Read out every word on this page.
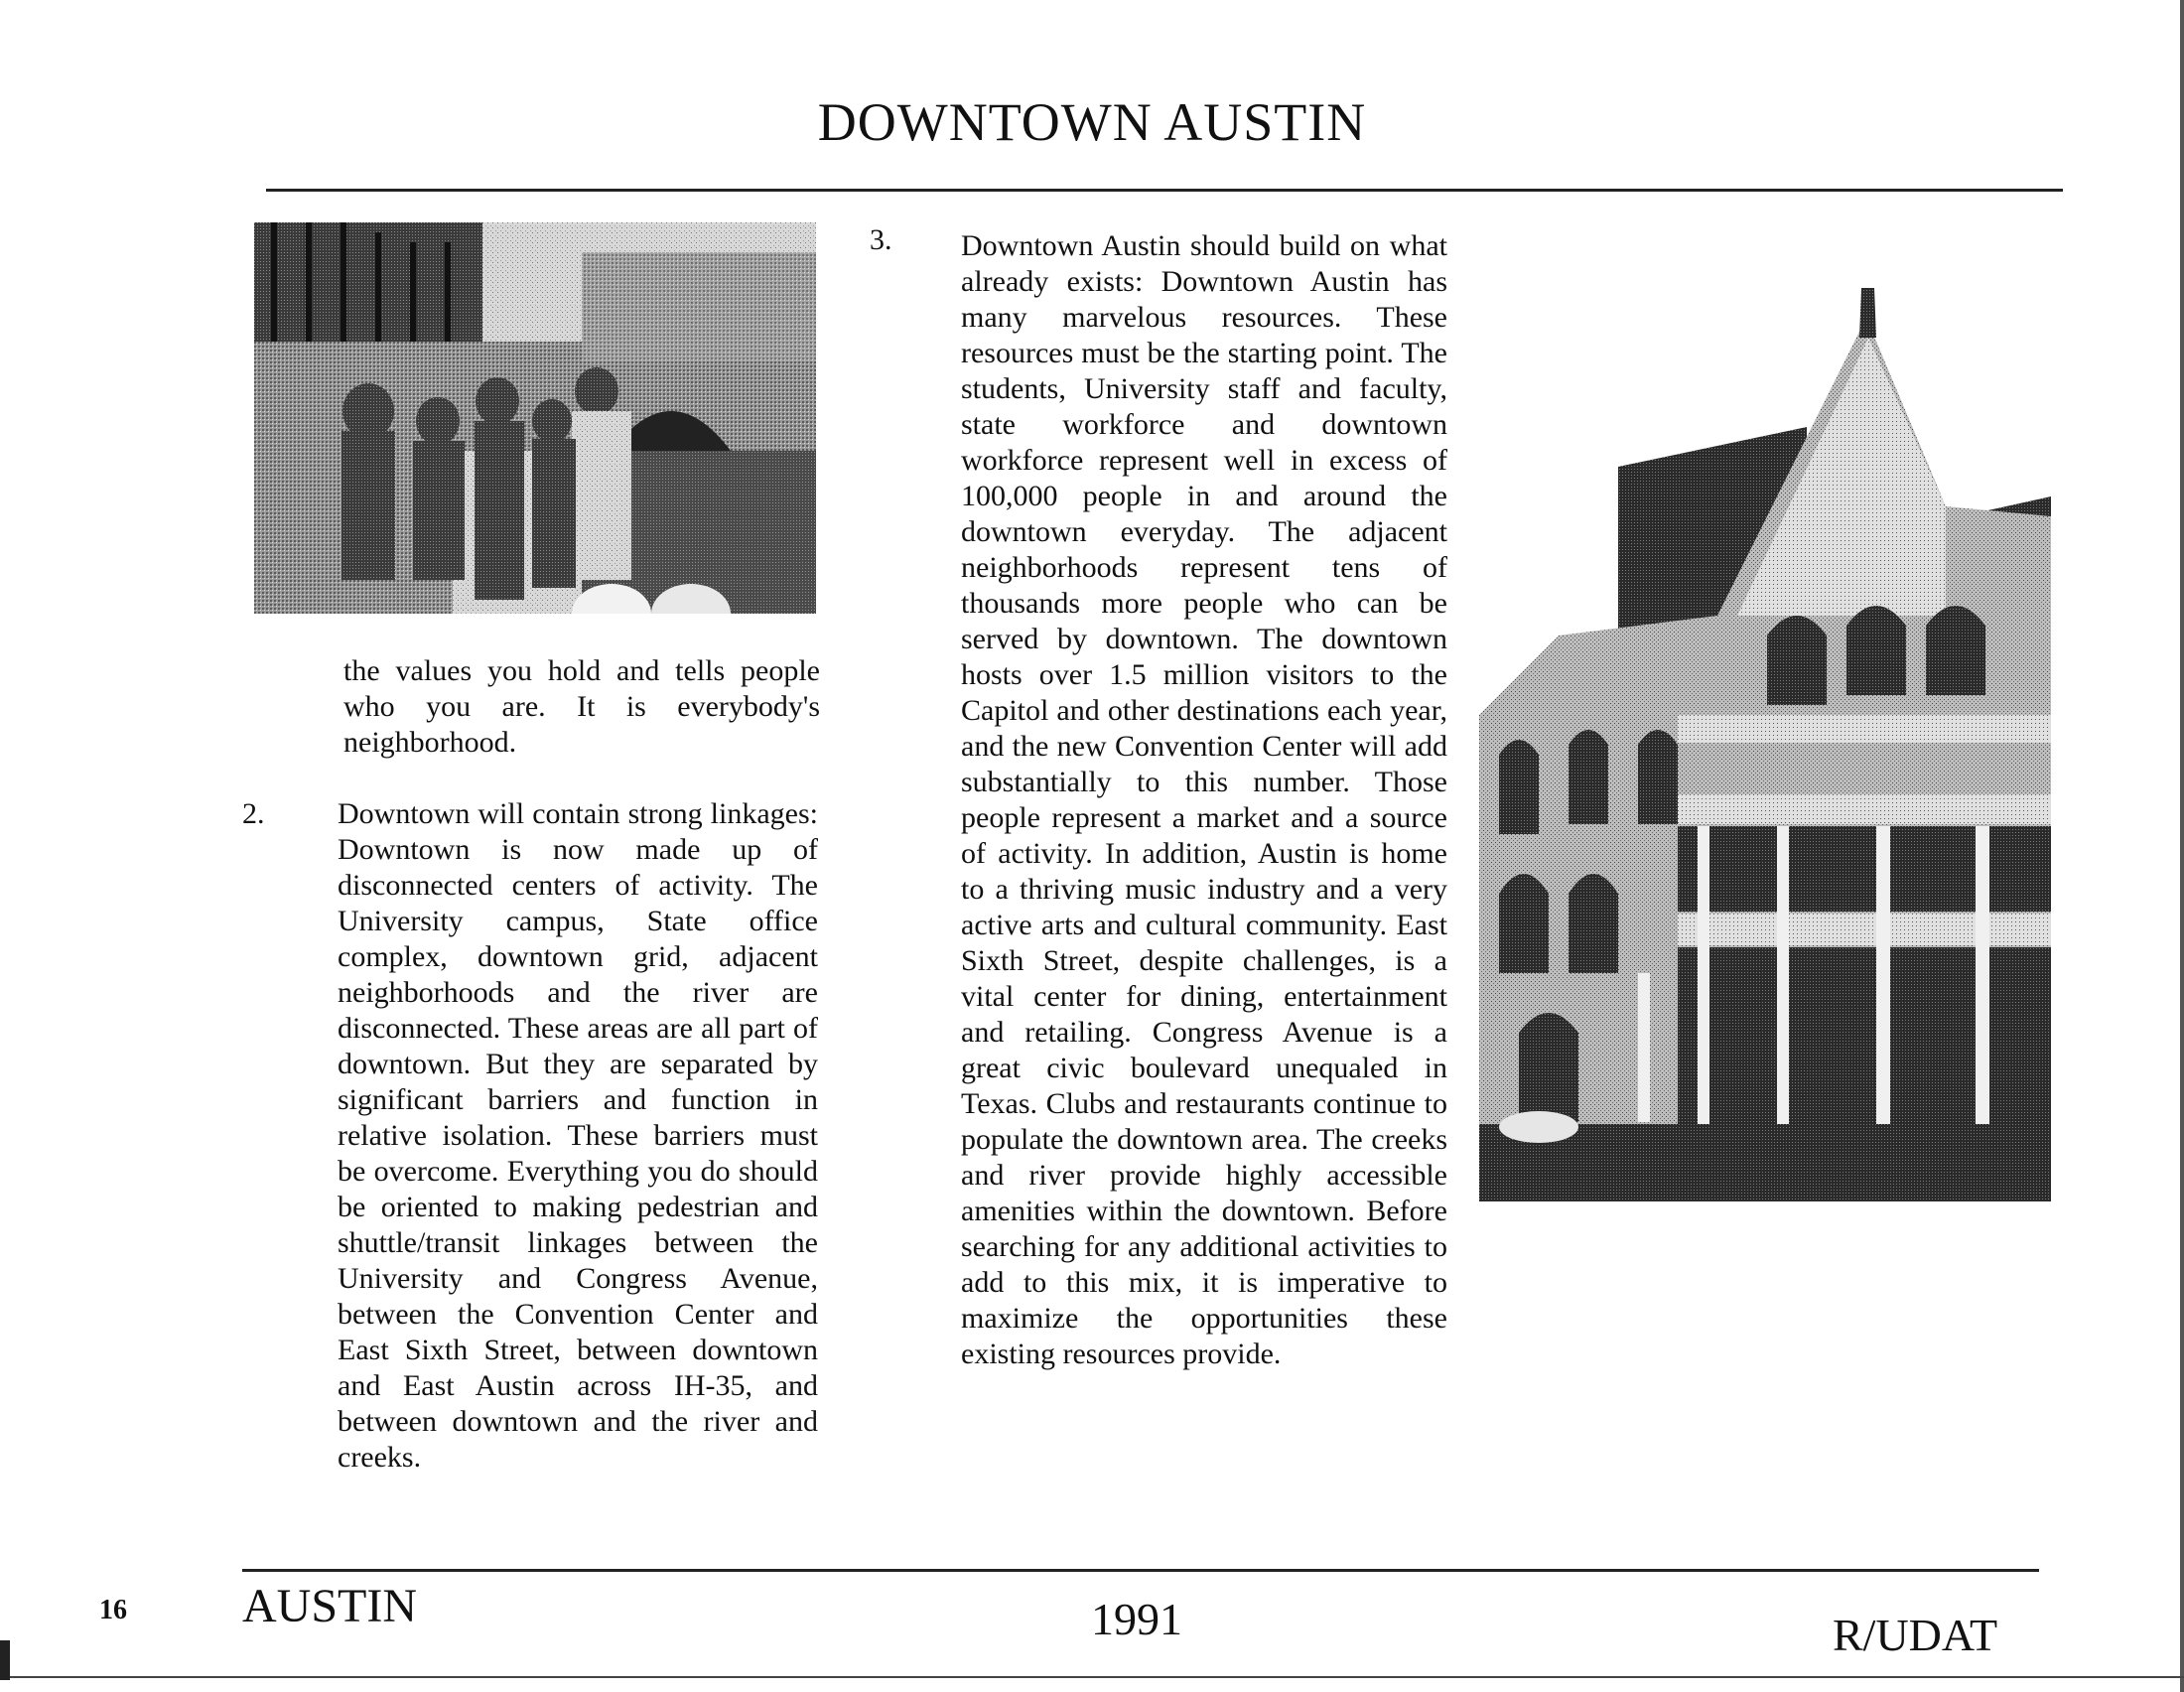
DOWNTOWN AUSTIN
the values you hold and tells people who you are. It is everybody's neighborhood.
2. Downtown will contain strong linkages: Downtown is now made up of disconnected centers of activity. The University campus, State office complex, downtown grid, adjacent neighborhoods and the river are disconnected. These areas are all part of downtown. But they are separated by significant barriers and function in relative isolation. These barriers must be overcome. Everything you do should be oriented to making pedestrian and shuttle/transit linkages between the University and Congress Avenue, between the Convention Center and East Sixth Street, between downtown and East Austin across IH-35, and between downtown and the river and creeks.
3. Downtown Austin should build on what already exists: Downtown Austin has many marvelous resources. These resources must be the starting point. The students, University staff and faculty, state workforce and downtown workforce represent well in excess of 100,000 people in and around the downtown everyday. The adjacent neighborhoods represent tens of thousands more people who can be served by downtown. The downtown hosts over 1.5 million visitors to the Capitol and other destinations each year, and the new Convention Center will add substantially to this number. Those people represent a market and a source of activity. In addition, Austin is home to a thriving music industry and a very active arts and cultural community. East Sixth Street, despite challenges, is a vital center for dining, entertainment and retailing. Congress Avenue is a great civic boulevard unequaled in Texas. Clubs and restaurants continue to populate the downtown area. The creeks and river provide highly accessible amenities within the downtown. Before searching for any additional activities to add to this mix, it is imperative to maximize the opportunities these existing resources provide.
16 AUSTIN	1991	R/UDAT
